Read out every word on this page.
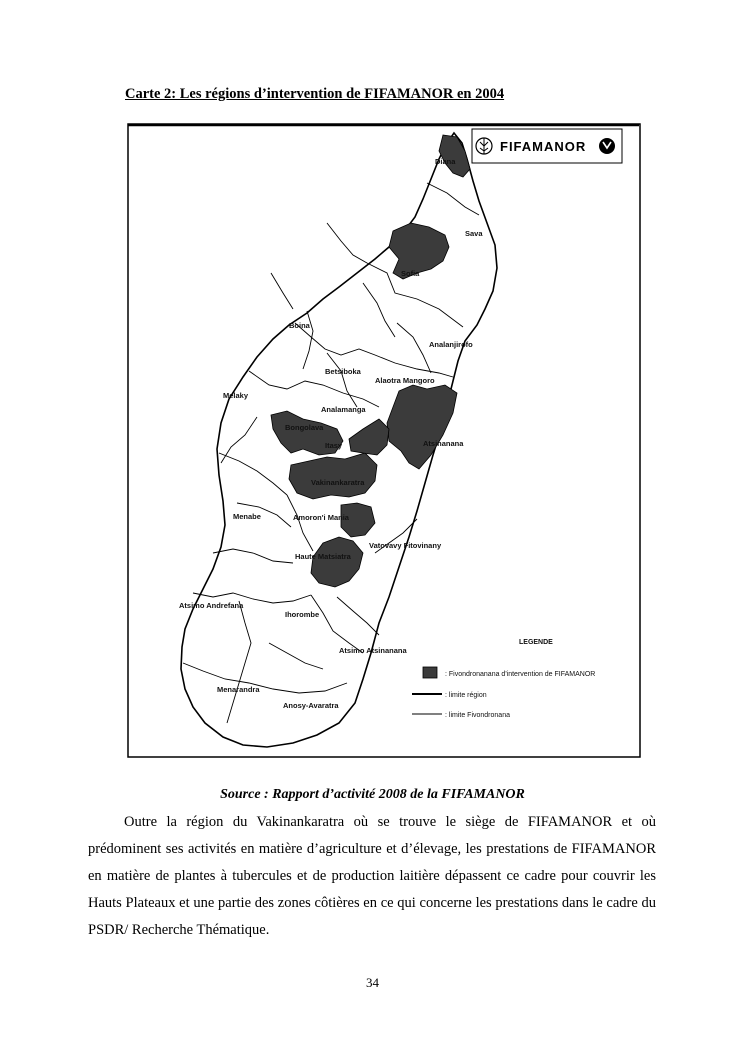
Carte 2: Les régions d’intervention de FIFAMANOR en 2004
FIFAMANOR
Diana
Sava
Sofia
Boina
Analanjirofo
Betsiboka
Alaotra Mangoro
Melaky
Analamanga
Bongolava
Itasy	Atsinanana
Vakinankaratra
Menabe	Amoron'i Mania
Vatovavy Fitovinany
Haute Matsiatra
Atsimo Andrefana
Ihorombe
Atsimo Atsinanana
Menarandra
Anosy-Avaratra
LEGENDE
: Fivondronanana d'intervention de FIFAMANOR
: limite région
: limite Fivondronana
Source : Rapport d’activité 2008 de la FIFAMANOR

Outre la région du Vakinankaratra où se trouve le siège de FIFAMANOR et où prédominent ses activités en matière d’agriculture et d’élevage, les prestations de FIFAMANOR en matière de plantes à tubercules et de production laitière dépassent ce cadre pour couvrir les Hauts Plateaux et une partie des zones côtières en ce qui concerne les prestations dans le cadre du PSDR/ Recherche Thématique.

34
